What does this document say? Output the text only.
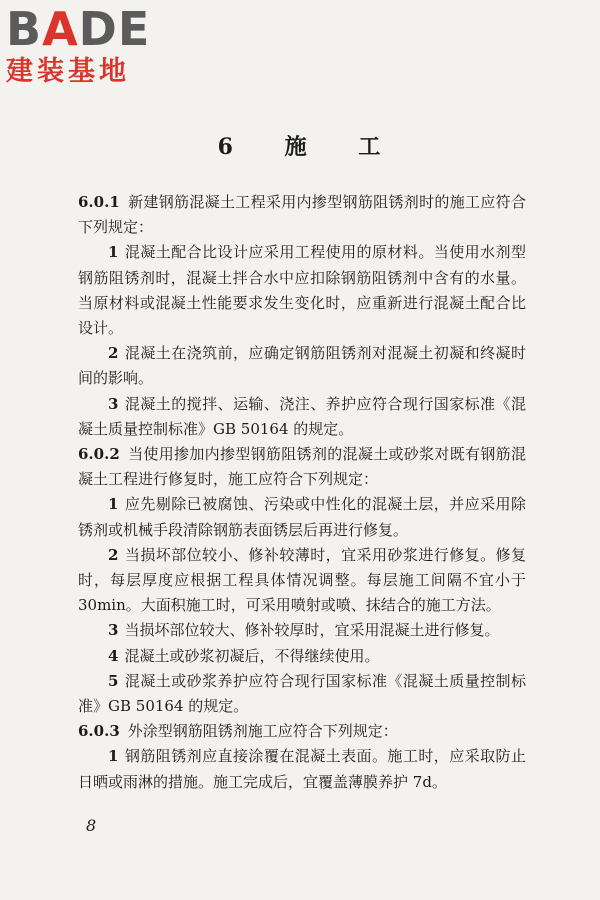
BADE
建装基地
6 施 工

6.0.1 新建钢筋混凝土工程采用内掺型钢筋阻锈剂时的施工应符合下列规定：

1 混凝土配合比设计应采用工程使用的原材料。当使用水剂型钢筋阻锈剂时，混凝土拌合水中应扣除钢筋阻锈剂中含有的水量。当原材料或混凝土性能要求发生变化时，应重新进行混凝土配合比设计。

2 混凝土在浇筑前，应确定钢筋阻锈剂对混凝土初凝和终凝时间的影响。

3 混凝土的搅拌、运输、浇注、养护应符合现行国家标准《混凝土质量控制标准》GB 50164 的规定。

6.0.2 当使用掺加内掺型钢筋阻锈剂的混凝土或砂浆对既有钢筋混凝土工程进行修复时，施工应符合下列规定：

1 应先剔除已被腐蚀、污染或中性化的混凝土层，并应采用除锈剂或机械手段清除钢筋表面锈层后再进行修复。

2 当损坏部位较小、修补较薄时，宜采用砂浆进行修复。修复时，每层厚度应根据工程具体情况调整。每层施工间隔不宜小于 30min。大面积施工时，可采用喷射或喷、抹结合的施工方法。

3 当损坏部位较大、修补较厚时，宜采用混凝土进行修复。

4 混凝土或砂浆初凝后，不得继续使用。

5 混凝土或砂浆养护应符合现行国家标准《混凝土质量控制标准》GB 50164 的规定。

6.0.3 外涂型钢筋阻锈剂施工应符合下列规定：

1 钢筋阻锈剂应直接涂覆在混凝土表面。施工时，应采取防止日晒或雨淋的措施。施工完成后，宜覆盖薄膜养护 7d。

8
